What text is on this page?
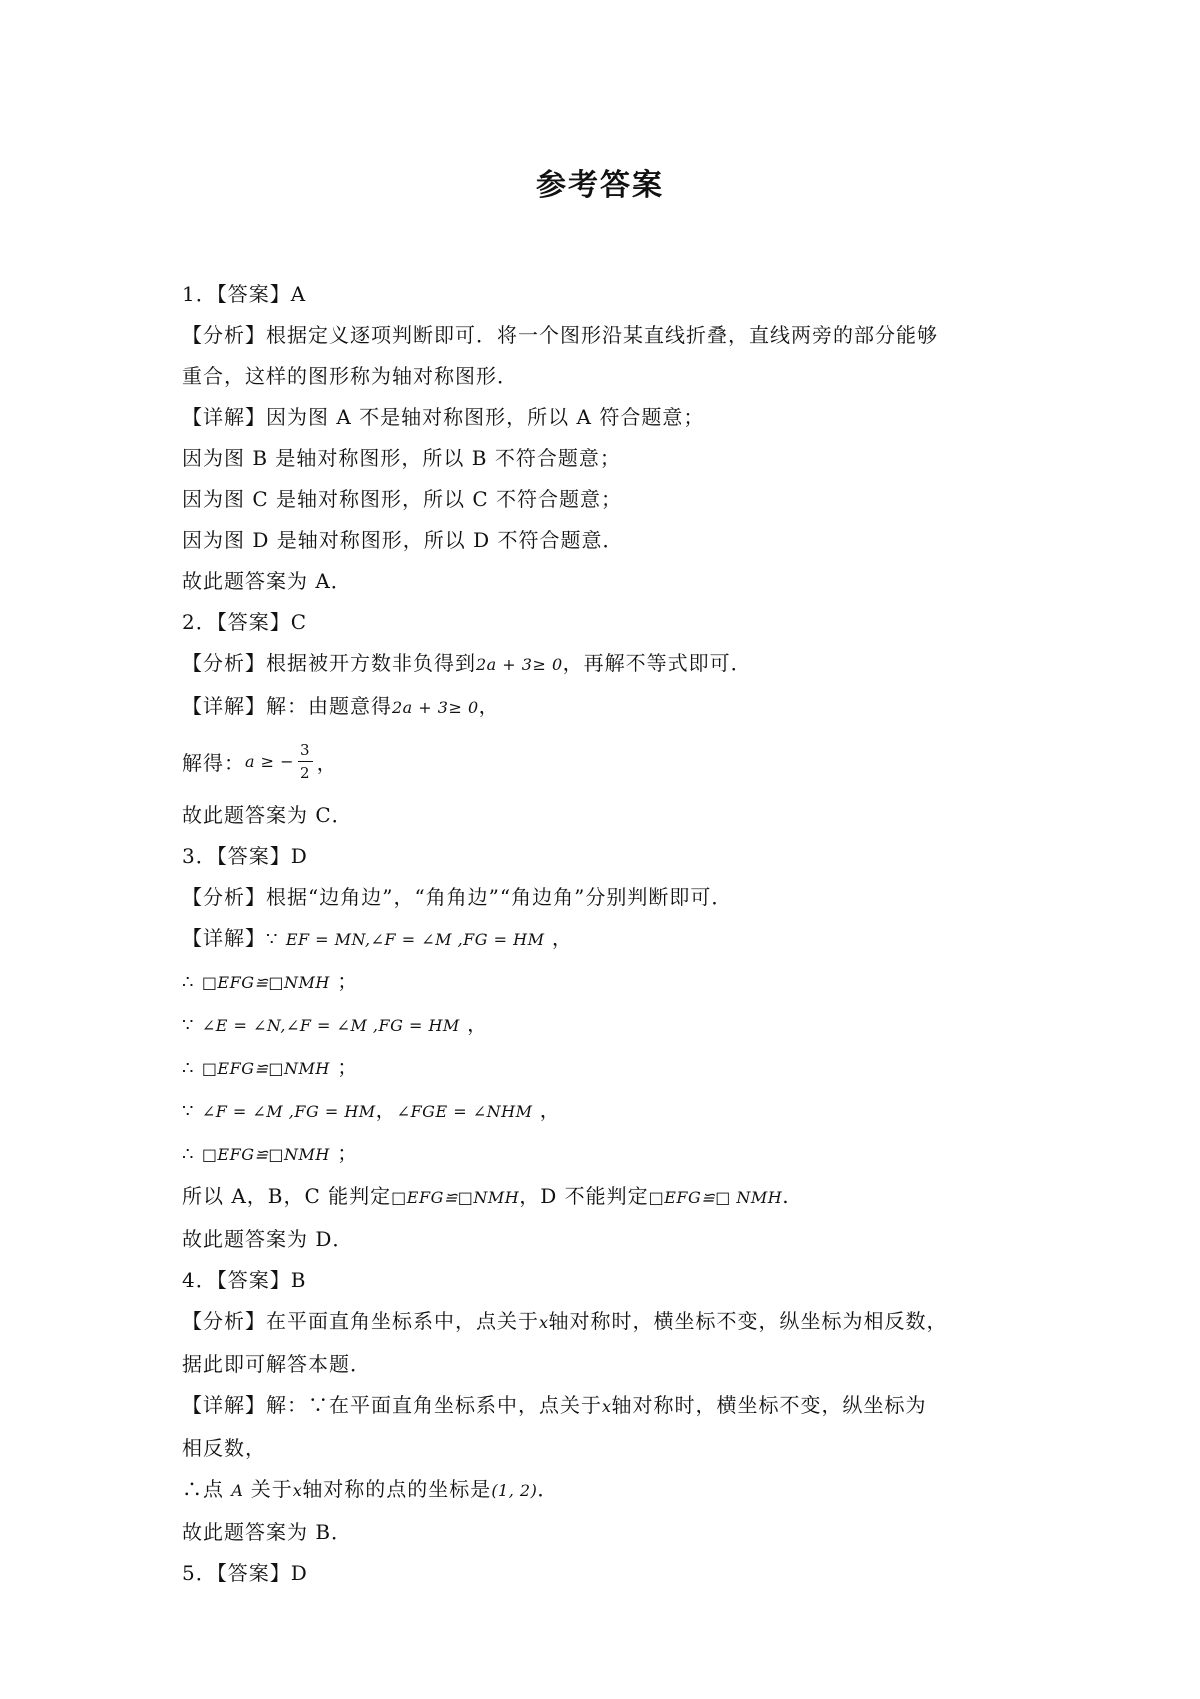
参考答案
1．【答案】A
【分析】根据定义逐项判断即可．将一个图形沿某直线折叠，直线两旁的部分能够
重合，这样的图形称为轴对称图形．
【详解】因为图 A 不是轴对称图形，所以 A 符合题意；
因为图 B 是轴对称图形，所以 B 不符合题意；
因为图 C 是轴对称图形，所以 C 不符合题意；
因为图 D 是轴对称图形，所以 D 不符合题意．
故此题答案为 A．
2．【答案】C
【分析】根据被开方数非负得到2a + 3≥ 0，再解不等式即可．
【详解】解：由题意得2a + 3≥ 0，
解得： a ≥ − $\frac{3}{2}$ ，
故此题答案为 C．
3．【答案】D
【分析】根据“边角边”，“角角边”“角边角”分别判断即可．
【详解】∵ EF = MN,∠F = ∠M ,FG = HM ，
∴ □EFG≌□NMH ；
∵ ∠E = ∠N,∠F = ∠M ,FG = HM ，
∴ □EFG≌□NMH ；
∵ ∠F = ∠M ,FG = HM，∠FGE = ∠NHM ，
∴ □EFG≌□NMH ；
所以 A，B，C 能判定□EFG≌□NMH，D 不能判定□EFG≌□ NMH.
故此题答案为 D．
4．【答案】B
【分析】在平面直角坐标系中，点关于x轴对称时，横坐标不变，纵坐标为相反数，
据此即可解答本题．
【详解】解：∵在平面直角坐标系中，点关于x轴对称时，横坐标不变，纵坐标为
相反数，
∴点 A 关于x轴对称的点的坐标是(1, 2)．
故此题答案为 B．
5．【答案】D
